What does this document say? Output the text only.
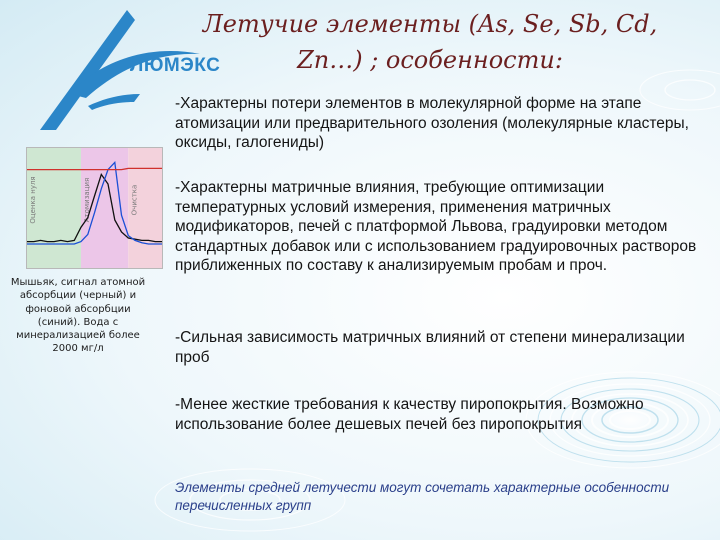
ЛЮМЭКС
Летучие элементы (As, Se, Sb, Cd,
Zn…) ; особенности:

-Характерны потери элементов в молекулярной форме на этапе атомизации или предварительного озоления (молекулярные кластеры, оксиды, галогениды)

-Характерны матричные влияния, требующие оптимизации температурных условий измерения, применения матричных модификаторов, печей с платформой Львова, градуировки методом стандартных добавок или с использованием градуировочных растворов приближенных по составу к анализируемым пробам и проч.

-Сильная зависимость матричных влияний от степени минерализации проб

-Менее жесткие требования к качеству пиропокрытия. Возможно использование более дешевых печей без пиропокрытия

Элементы средней летучести могут сочетать характерные особенности перечисленных групп
Оценка нуля	Атомизация	Очистка
Мышьяк, сигнал атомной абсорбции (черный) и фоновой абсорбции (синий). Вода с минерализацией более 2000 мг/л
